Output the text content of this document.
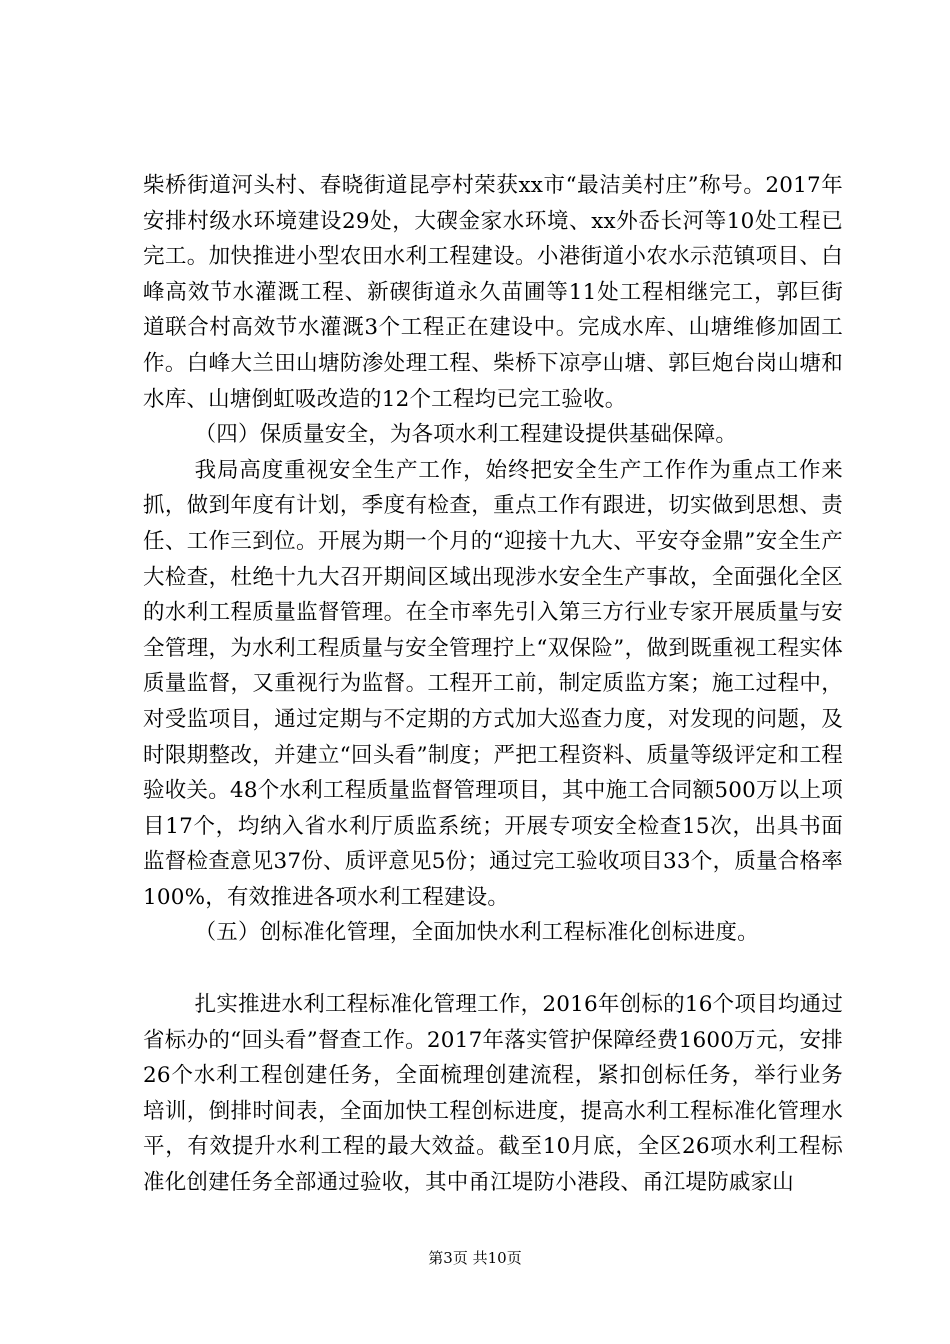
柴桥街道河头村、春晓街道昆亭村荣获xx市“最洁美村庄”称号。2017年安排村级水环境建设29处，大碶金家水环境、xx外岙长河等10处工程已完工。加快推进小型农田水利工程建设。小港街道小农水示范镇项目、白峰高效节水灌溉工程、新碶街道永久苗圃等11处工程相继完工，郭巨街道联合村高效节水灌溉3个工程正在建设中。完成水库、山塘维修加固工作。白峰大兰田山塘防渗处理工程、柴桥下凉亭山塘、郭巨炮台岗山塘和水库、山塘倒虹吸改造的12个工程均已完工验收。

（四）保质量安全，为各项水利工程建设提供基础保障。

我局高度重视安全生产工作，始终把安全生产工作作为重点工作来抓，做到年度有计划，季度有检查，重点工作有跟进，切实做到思想、责任、工作三到位。开展为期一个月的“迎接十九大、平安夺金鼎”安全生产大检查，杜绝十九大召开期间区域出现涉水安全生产事故，全面强化全区的水利工程质量监督管理。在全市率先引入第三方行业专家开展质量与安全管理，为水利工程质量与安全管理拧上“双保险”，做到既重视工程实体质量监督，又重视行为监督。工程开工前，制定质监方案；施工过程中，对受监项目，通过定期与不定期的方式加大巡查力度，对发现的问题，及时限期整改，并建立“回头看”制度；严把工程资料、质量等级评定和工程验收关。48个水利工程质量监督管理项目，其中施工合同额500万以上项目17个，均纳入省水利厅质监系统；开展专项安全检查15次，出具书面监督检查意见37份、质评意见5份；通过完工验收项目33个，质量合格率100%，有效推进各项水利工程建设。

（五）创标准化管理，全面加快水利工程标准化创标进度。

扎实推进水利工程标准化管理工作，2016年创标的16个项目均通过省标办的“回头看”督查工作。2017年落实管护保障经费1600万元，安排26个水利工程创建任务，全面梳理创建流程，紧扣创标任务，举行业务培训，倒排时间表，全面加快工程创标进度，提高水利工程标准化管理水平，有效提升水利工程的最大效益。截至10月底，全区26项水利工程标准化创建任务全部通过验收，其中甬江堤防小港段、甬江堤防戚家山

第3页 共10页
